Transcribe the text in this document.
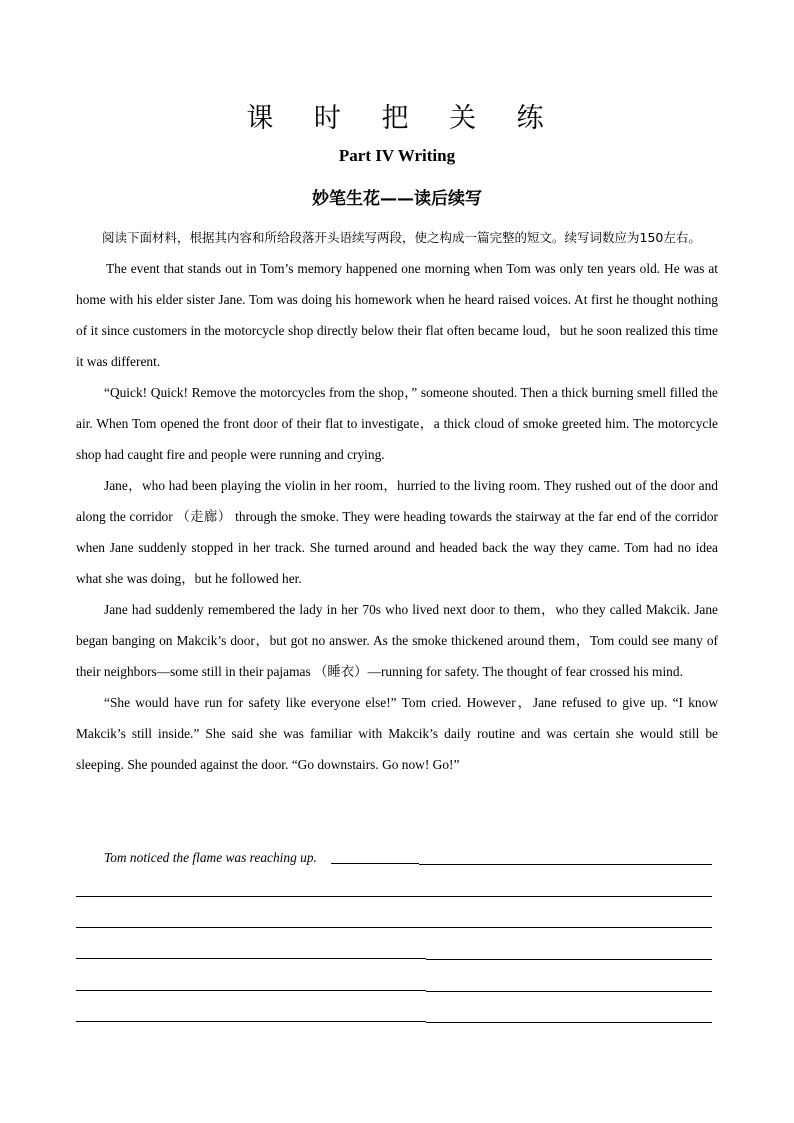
课 时 把 关 练
Part IV Writing
妙笔生花——读后续写

阅读下面材料，根据其内容和所给段落开头语续写两段，使之构成一篇完整的短文。续写词数应为150左右。

The event that stands out in Tom’s memory happened one morning when Tom was only ten years old. He was at home with his elder sister Jane. Tom was doing his homework when he heard raised voices. At first he thought nothing of it since customers in the motorcycle shop directly below their flat often became loud，but he soon realized this time it was different.

“Quick! Quick! Remove the motorcycles from the shop，” someone shouted. Then a thick burning smell filled the air. When Tom opened the front door of their flat to investigate，a thick cloud of smoke greeted him. The motorcycle shop had caught fire and people were running and crying.

Jane，who had been playing the violin in her room，hurried to the living room. They rushed out of the door and along the corridor （走廊） through the smoke. They were heading towards the stairway at the far end of the corridor when Jane suddenly stopped in her track. She turned around and headed back the way they came. Tom had no idea what she was doing，but he followed her.

Jane had suddenly remembered the lady in her 70s who lived next door to them，who they called Makcik. Jane began banging on Makcik’s door，but got no answer. As the smoke thickened around them，Tom could see many of their neighbors—some still in their pajamas （睡衣）—running for safety. The thought of fear crossed his mind.

“She would have run for safety like everyone else!” Tom cried. However，Jane refused to give up. “I know Makcik’s still inside.” She said she was familiar with Makcik’s daily routine and was certain she would still be sleeping. She pounded against the door. “Go downstairs. Go now! Go!”

Tom noticed the flame was reaching up.
